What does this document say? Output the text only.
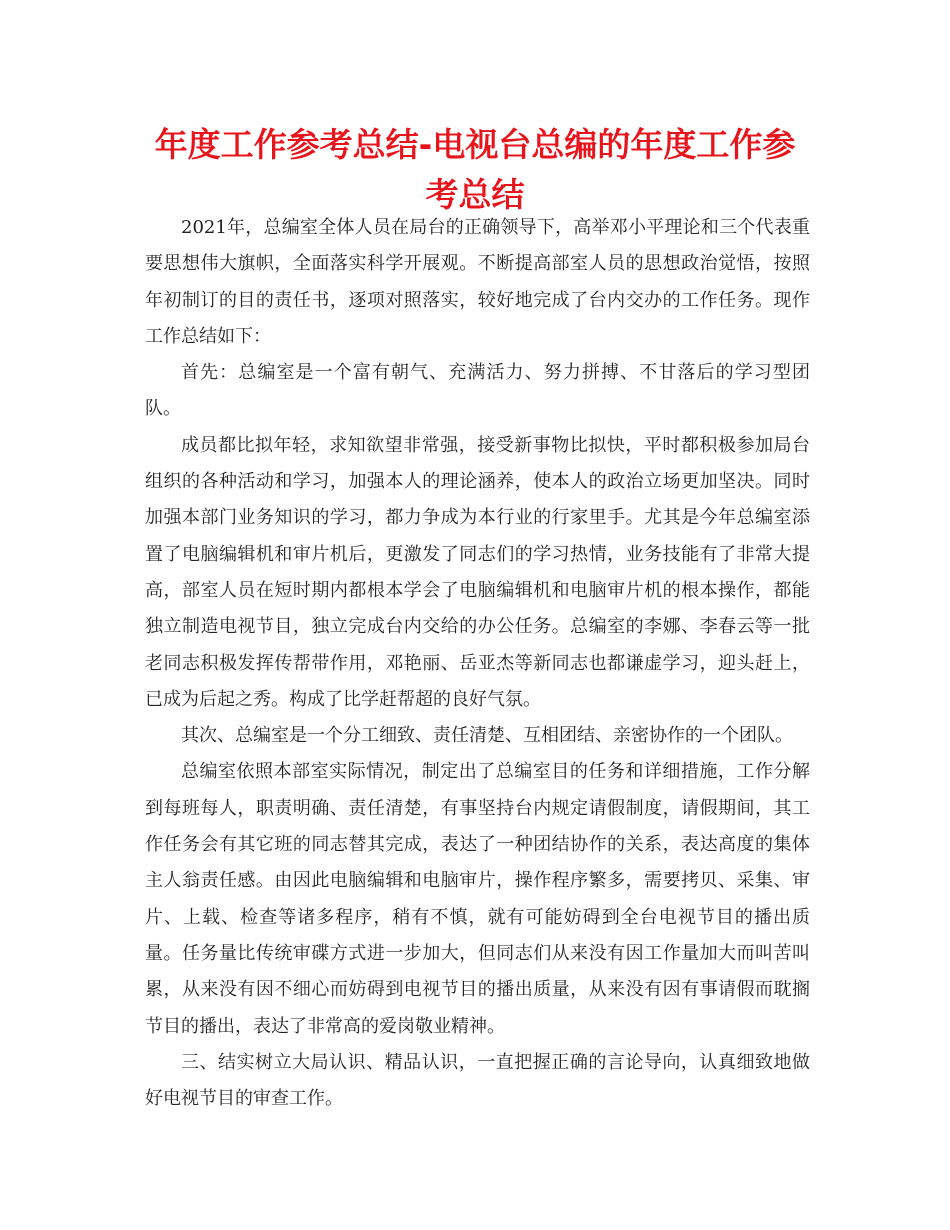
年度工作参考总结-电视台总编的年度工作参考总结

2021年，总编室全体人员在局台的正确领导下，高举邓小平理论和三个代表重要思想伟大旗帜，全面落实科学开展观。不断提高部室人员的思想政治觉悟，按照年初制订的目的责任书，逐项对照落实，较好地完成了台内交办的工作任务。现作工作总结如下：

首先：总编室是一个富有朝气、充满活力、努力拼搏、不甘落后的学习型团队。

成员都比拟年轻，求知欲望非常强，接受新事物比拟快，平时都积极参加局台组织的各种活动和学习，加强本人的理论涵养，使本人的政治立场更加坚决。同时加强本部门业务知识的学习，都力争成为本行业的行家里手。尤其是今年总编室添置了电脑编辑机和审片机后，更激发了同志们的学习热情，业务技能有了非常大提高，部室人员在短时期内都根本学会了电脑编辑机和电脑审片机的根本操作，都能独立制造电视节目，独立完成台内交给的办公任务。总编室的李娜、李春云等一批老同志积极发挥传帮带作用，邓艳丽、岳亚杰等新同志也都谦虚学习，迎头赶上，已成为后起之秀。构成了比学赶帮超的良好气氛。

其次、总编室是一个分工细致、责任清楚、互相团结、亲密协作的一个团队。

总编室依照本部室实际情况，制定出了总编室目的任务和详细措施，工作分解到每班每人，职责明确、责任清楚，有事坚持台内规定请假制度，请假期间，其工作任务会有其它班的同志替其完成，表达了一种团结协作的关系，表达高度的集体主人翁责任感。由因此电脑编辑和电脑审片，操作程序繁多，需要拷贝、采集、审片、上载、检查等诸多程序，稍有不慎，就有可能妨碍到全台电视节目的播出质量。任务量比传统审碟方式进一步加大，但同志们从来没有因工作量加大而叫苦叫累，从来没有因不细心而妨碍到电视节目的播出质量，从来没有因有事请假而耽搁节目的播出，表达了非常高的爱岗敬业精神。

三、结实树立大局认识、精品认识，一直把握正确的言论导向，认真细致地做好电视节目的审查工作。
